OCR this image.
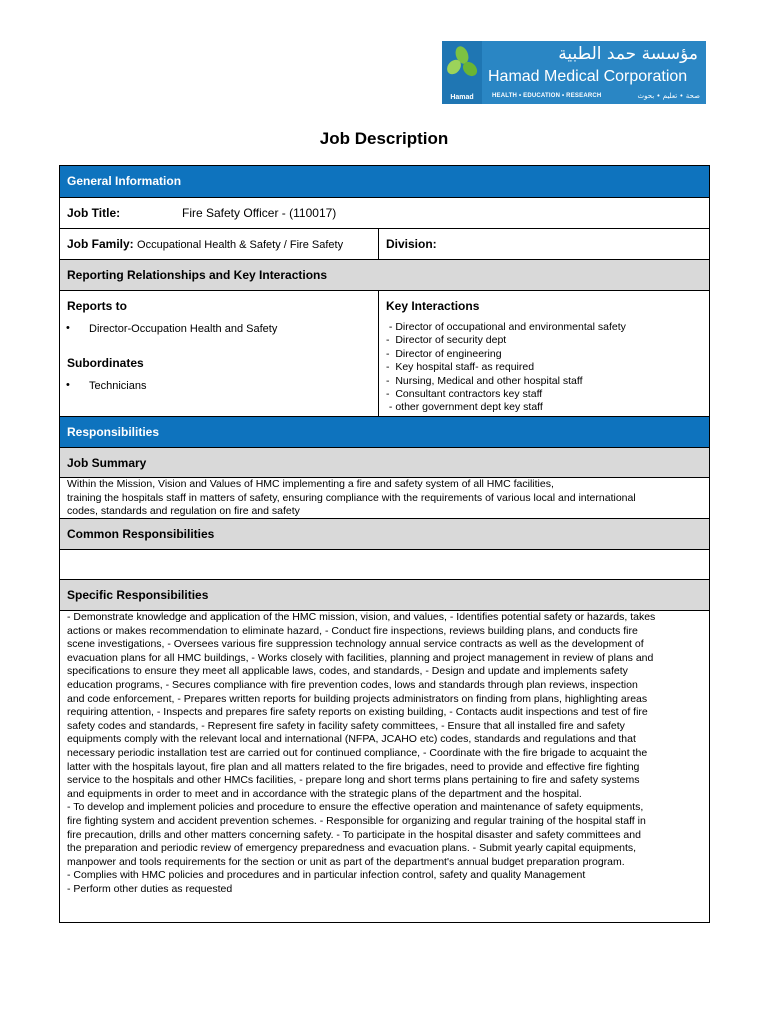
Hamad
مؤسسة حمد الطبية
Hamad Medical Corporation
HEALTH • EDUCATION • RESEARCH	صحة • تعليم • بحوث
Job Description
General Information
Job Title:	Fire Safety Officer - (110017)
Job Family: Occupational Health & Safety / Fire Safety	Division:
Reporting Relationships and Key Interactions
Reports to
• Director-Occupation Health and Safety
Subordinates
• Technicians
Key Interactions
- Director of occupational and environmental safety
-  Director of security dept
-  Director of engineering
-  Key hospital staff- as required
-  Nursing, Medical and other hospital staff
-  Consultant contractors key staff
- other government dept key staff
Responsibilities
Job Summary
Within the Mission, Vision and Values of HMC implementing a fire and safety system of all HMC facilities,
training the hospitals staff in matters of safety, ensuring compliance with the requirements of various local and international
codes, standards and regulation on fire and safety
Common Responsibilities
Specific Responsibilities
- Demonstrate knowledge and application of the HMC mission, vision, and values, - Identifies potential safety or hazards, takes
actions or makes recommendation to eliminate hazard, - Conduct fire inspections, reviews building plans, and conducts fire
scene investigations, - Oversees various fire suppression technology annual service contracts as well as the development of
evacuation plans for all HMC buildings, - Works closely with facilities, planning and project management in review of plans and
specifications to ensure they meet all applicable laws, codes, and standards, - Design and update and implements safety
education programs, - Secures compliance with fire prevention codes, lows and standards through plan reviews, inspection
and code enforcement, - Prepares written reports for building projects administrators on finding from plans, highlighting areas
requiring attention, - Inspects and prepares fire safety reports on existing building, - Contacts audit inspections and test of fire
safety codes and standards, - Represent fire safety in facility safety committees, - Ensure that all installed fire and safety
equipments comply with the relevant local and international (NFPA, JCAHO etc) codes, standards and regulations and that
necessary periodic installation test are carried out for continued compliance, - Coordinate with the fire brigade to acquaint the
latter with the hospitals layout, fire plan and all matters related to the fire brigades, need to provide and effective fire fighting
service to the hospitals and other HMCs facilities, - prepare long and short terms plans pertaining to fire and safety systems
and equipments in order to meet and in accordance with the strategic plans of the department and the hospital.
- To develop and implement policies and procedure to ensure the effective operation and maintenance of safety equipments,
fire fighting system and accident prevention schemes. - Responsible for organizing and regular training of the hospital staff in
fire precaution, drills and other matters concerning safety. - To participate in the hospital disaster and safety committees and
the preparation and periodic review of emergency preparedness and evacuation plans. - Submit yearly capital equipments,
manpower and tools requirements for the section or unit as part of the department's annual budget preparation program.
- Complies with HMC policies and procedures and in particular infection control, safety and quality Management
- Perform other duties as requested
